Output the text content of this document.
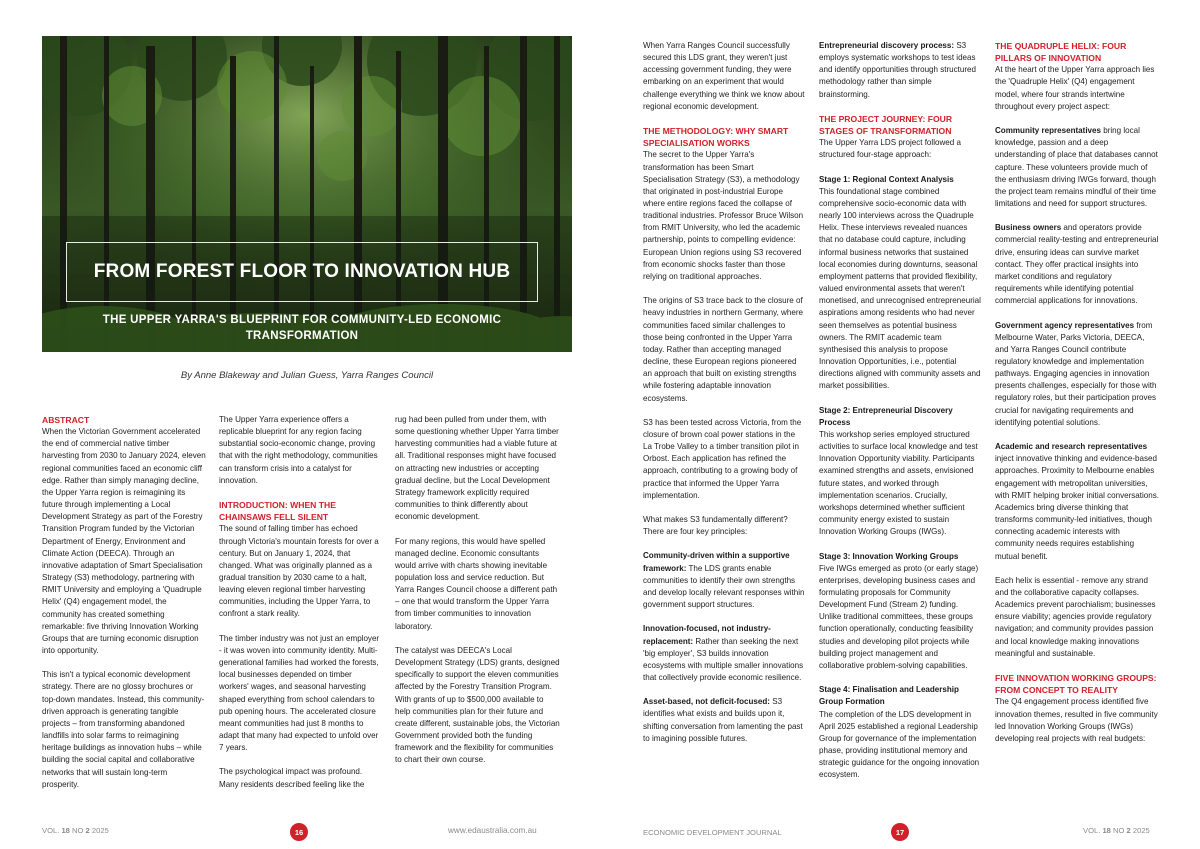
FROM FOREST FLOOR TO INNOVATION HUB
THE UPPER YARRA'S BLUEPRINT FOR COMMUNITY-LED ECONOMIC TRANSFORMATION
By Anne Blakeway and Julian Guess, Yarra Ranges Council
ABSTRACT

When the Victorian Government accelerated the end of commercial native timber harvesting from 2030 to January 2024, eleven regional communities faced an economic cliff edge. Rather than simply managing decline, the Upper Yarra region is reimagining its future through implementing a Local Development Strategy as part of the Forestry Transition Program funded by the Victorian Department of Energy, Environment and Climate Action (DEECA). Through an innovative adaptation of Smart Specialisation Strategy (S3) methodology, partnering with RMIT University and employing a 'Quadruple Helix' (Q4) engagement model, the community has created something remarkable: five thriving Innovation Working Groups that are turning economic disruption into opportunity.

This isn't a typical economic development strategy. There are no glossy brochures or top-down mandates. Instead, this community-driven approach is generating tangible projects – from transforming abandoned landfills into solar farms to reimagining heritage buildings as innovation hubs – while building the social capital and collaborative networks that will sustain long-term prosperity.

The Upper Yarra experience offers a replicable blueprint for any region facing substantial socio-economic change, proving that with the right methodology, communities can transform crisis into a catalyst for innovation.

INTRODUCTION: WHEN THE CHAINSAWS FELL SILENT

The sound of falling timber has echoed through Victoria's mountain forests for over a century. But on January 1, 2024, that changed. What was originally planned as a gradual transition by 2030 came to a halt, leaving eleven regional timber harvesting communities, including the Upper Yarra, to confront a stark reality.

The timber industry was not just an employer - it was woven into community identity. Multi-generational families had worked the forests, local businesses depended on timber workers' wages, and seasonal harvesting shaped everything from school calendars to pub opening hours. The accelerated closure meant communities had just 8 months to adapt that many had expected to unfold over 7 years.

The psychological impact was profound. Many residents described feeling like the

rug had been pulled from under them, with some questioning whether Upper Yarra timber harvesting communities had a viable future at all. Traditional responses might have focused on attracting new industries or accepting gradual decline, but the Local Development Strategy framework explicitly required communities to think differently about economic development.

For many regions, this would have spelled managed decline. Economic consultants would arrive with charts showing inevitable population loss and service reduction. But Yarra Ranges Council choose a different path – one that would transform the Upper Yarra from timber communities to innovation laboratory.

The catalyst was DEECA's Local Development Strategy (LDS) grants, designed specifically to support the eleven communities affected by the Forestry Transition Program. With grants of up to $500,000 available to help communities plan for their future and create different, sustainable jobs, the Victorian Government provided both the funding framework and the flexibility for communities to chart their own course.

VOL. 18 NO 2 2025	16	www.edaustralia.com.au

When Yarra Ranges Council successfully secured this LDS grant, they weren't just accessing government funding, they were embarking on an experiment that would challenge everything we think we know about regional economic development.

THE METHODOLOGY: WHY SMART SPECIALISATION WORKS

The secret to the Upper Yarra's transformation has been Smart Specialisation Strategy (S3), a methodology that originated in post-industrial Europe where entire regions faced the collapse of traditional industries. Professor Bruce Wilson from RMIT University, who led the academic partnership, points to compelling evidence: European Union regions using S3 recovered from economic shocks faster than those relying on traditional approaches.

The origins of S3 trace back to the closure of heavy industries in northern Germany, where communities faced similar challenges to those being confronted in the Upper Yarra today. Rather than accepting managed decline, these European regions pioneered an approach that built on existing strengths while fostering adaptable innovation ecosystems.

S3 has been tested across Victoria, from the closure of brown coal power stations in the La Trobe Valley to a timber transition pilot in Orbost. Each application has refined the approach, contributing to a growing body of practice that informed the Upper Yarra implementation.

What makes S3 fundamentally different? There are four key principles:

Community-driven within a supportive framework: The LDS grants enable communities to identify their own strengths and develop locally relevant responses within government support structures.

Innovation-focused, not industry-replacement: Rather than seeking the next 'big employer', S3 builds innovation ecosystems with multiple smaller innovations that collectively provide economic resilience.

Asset-based, not deficit-focused: S3 identifies what exists and builds upon it, shifting conversation from lamenting the past to imagining possible futures.

Entrepreneurial discovery process: S3 employs systematic workshops to test ideas and identify opportunities through structured methodology rather than simple brainstorming.

THE PROJECT JOURNEY: FOUR STAGES OF TRANSFORMATION

The Upper Yarra LDS project followed a structured four-stage approach:

Stage 1: Regional Context Analysis

This foundational stage combined comprehensive socio-economic data with nearly 100 interviews across the Quadruple Helix. These interviews revealed nuances that no database could capture, including informal business networks that sustained local economies during downturns, seasonal employment patterns that provided flexibility, valued environmental assets that weren't monetised, and unrecognised entrepreneurial aspirations among residents who had never seen themselves as potential business owners. The RMIT academic team synthesised this analysis to propose Innovation Opportunities, i.e., potential directions aligned with community assets and market possibilities.

Stage 2: Entrepreneurial Discovery Process

This workshop series employed structured activities to surface local knowledge and test Innovation Opportunity viability. Participants examined strengths and assets, envisioned future states, and worked through implementation scenarios. Crucially, workshops determined whether sufficient community energy existed to sustain Innovation Working Groups (IWGs).

Stage 3: Innovation Working Groups

Five IWGs emerged as proto (or early stage) enterprises, developing business cases and formulating proposals for Community Development Fund (Stream 2) funding. Unlike traditional committees, these groups function operationally, conducting feasibility studies and developing pilot projects while building project management and collaborative problem-solving capabilities.

Stage 4: Finalisation and Leadership Group Formation

The completion of the LDS development in April 2025 established a regional Leadership Group for governance of the implementation phase, providing institutional memory and strategic guidance for the ongoing innovation ecosystem.

THE QUADRUPLE HELIX: FOUR PILLARS OF INNOVATION

At the heart of the Upper Yarra approach lies the 'Quadruple Helix' (Q4) engagement model, where four strands intertwine throughout every project aspect:

Community representatives bring local knowledge, passion and a deep understanding of place that databases cannot capture. These volunteers provide much of the enthusiasm driving IWGs forward, though the project team remains mindful of their time limitations and need for support structures.

Business owners and operators provide commercial reality-testing and entrepreneurial drive, ensuring ideas can survive market contact. They offer practical insights into market conditions and regulatory requirements while identifying potential commercial applications for innovations.

Government agency representatives from Melbourne Water, Parks Victoria, DEECA, and Yarra Ranges Council contribute regulatory knowledge and implementation pathways. Engaging agencies in innovation presents challenges, especially for those with regulatory roles, but their participation proves crucial for navigating requirements and identifying potential solutions.

Academic and research representatives inject innovative thinking and evidence-based approaches. Proximity to Melbourne enables engagement with metropolitan universities, with RMIT helping broker initial conversations. Academics bring diverse thinking that transforms community-led initiatives, though connecting academic interests with community needs requires establishing mutual benefit.

Each helix is essential - remove any strand and the collaborative capacity collapses. Academics prevent parochialism; businesses ensure viability; agencies provide regulatory navigation; and community provides passion and local knowledge making innovations meaningful and sustainable.

FIVE INNOVATION WORKING GROUPS: FROM CONCEPT TO REALITY

The Q4 engagement process identified five innovation themes, resulted in five community led Innovation Working Groups (IWGs) developing real projects with real budgets:

ECONOMIC DEVELOPMENT JOURNAL	17	VOL. 18 NO 2 2025
